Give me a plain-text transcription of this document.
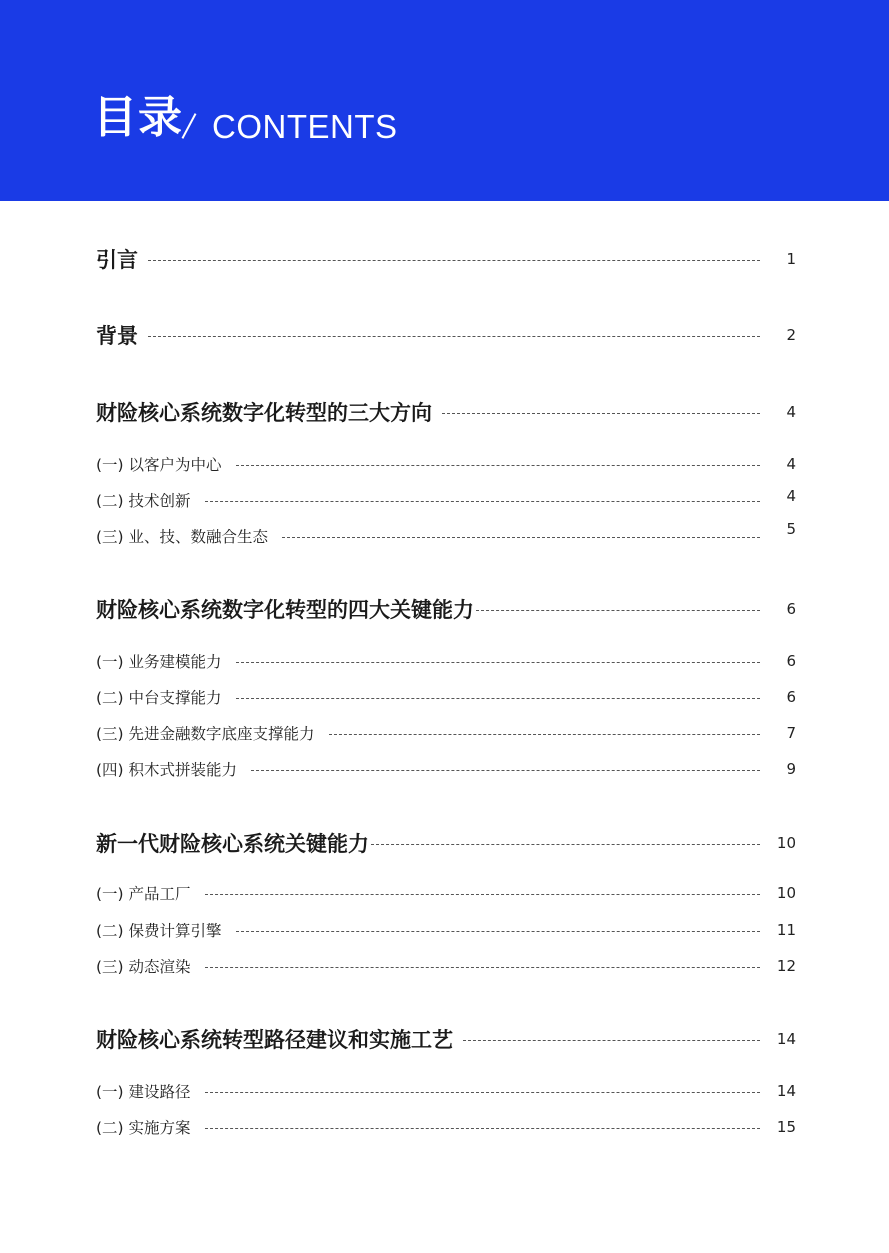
目录 CONTENTS
引言	1
背景	2
财险核心系统数字化转型的三大方向	4
(一) 以客户为中心	4
(二) 技术创新	4
(三) 业、技、数融合生态	5
财险核心系统数字化转型的四大关键能力	6
(一) 业务建模能力	6
(二) 中台支撑能力	6
(三) 先进金融数字底座支撑能力	7
(四) 积木式拼装能力	9
新一代财险核心系统关键能力	10
(一) 产品工厂	10
(二) 保费计算引擎	11
(三) 动态渲染	12
财险核心系统转型路径建议和实施工艺	14
(一) 建设路径	14
(二) 实施方案	15
